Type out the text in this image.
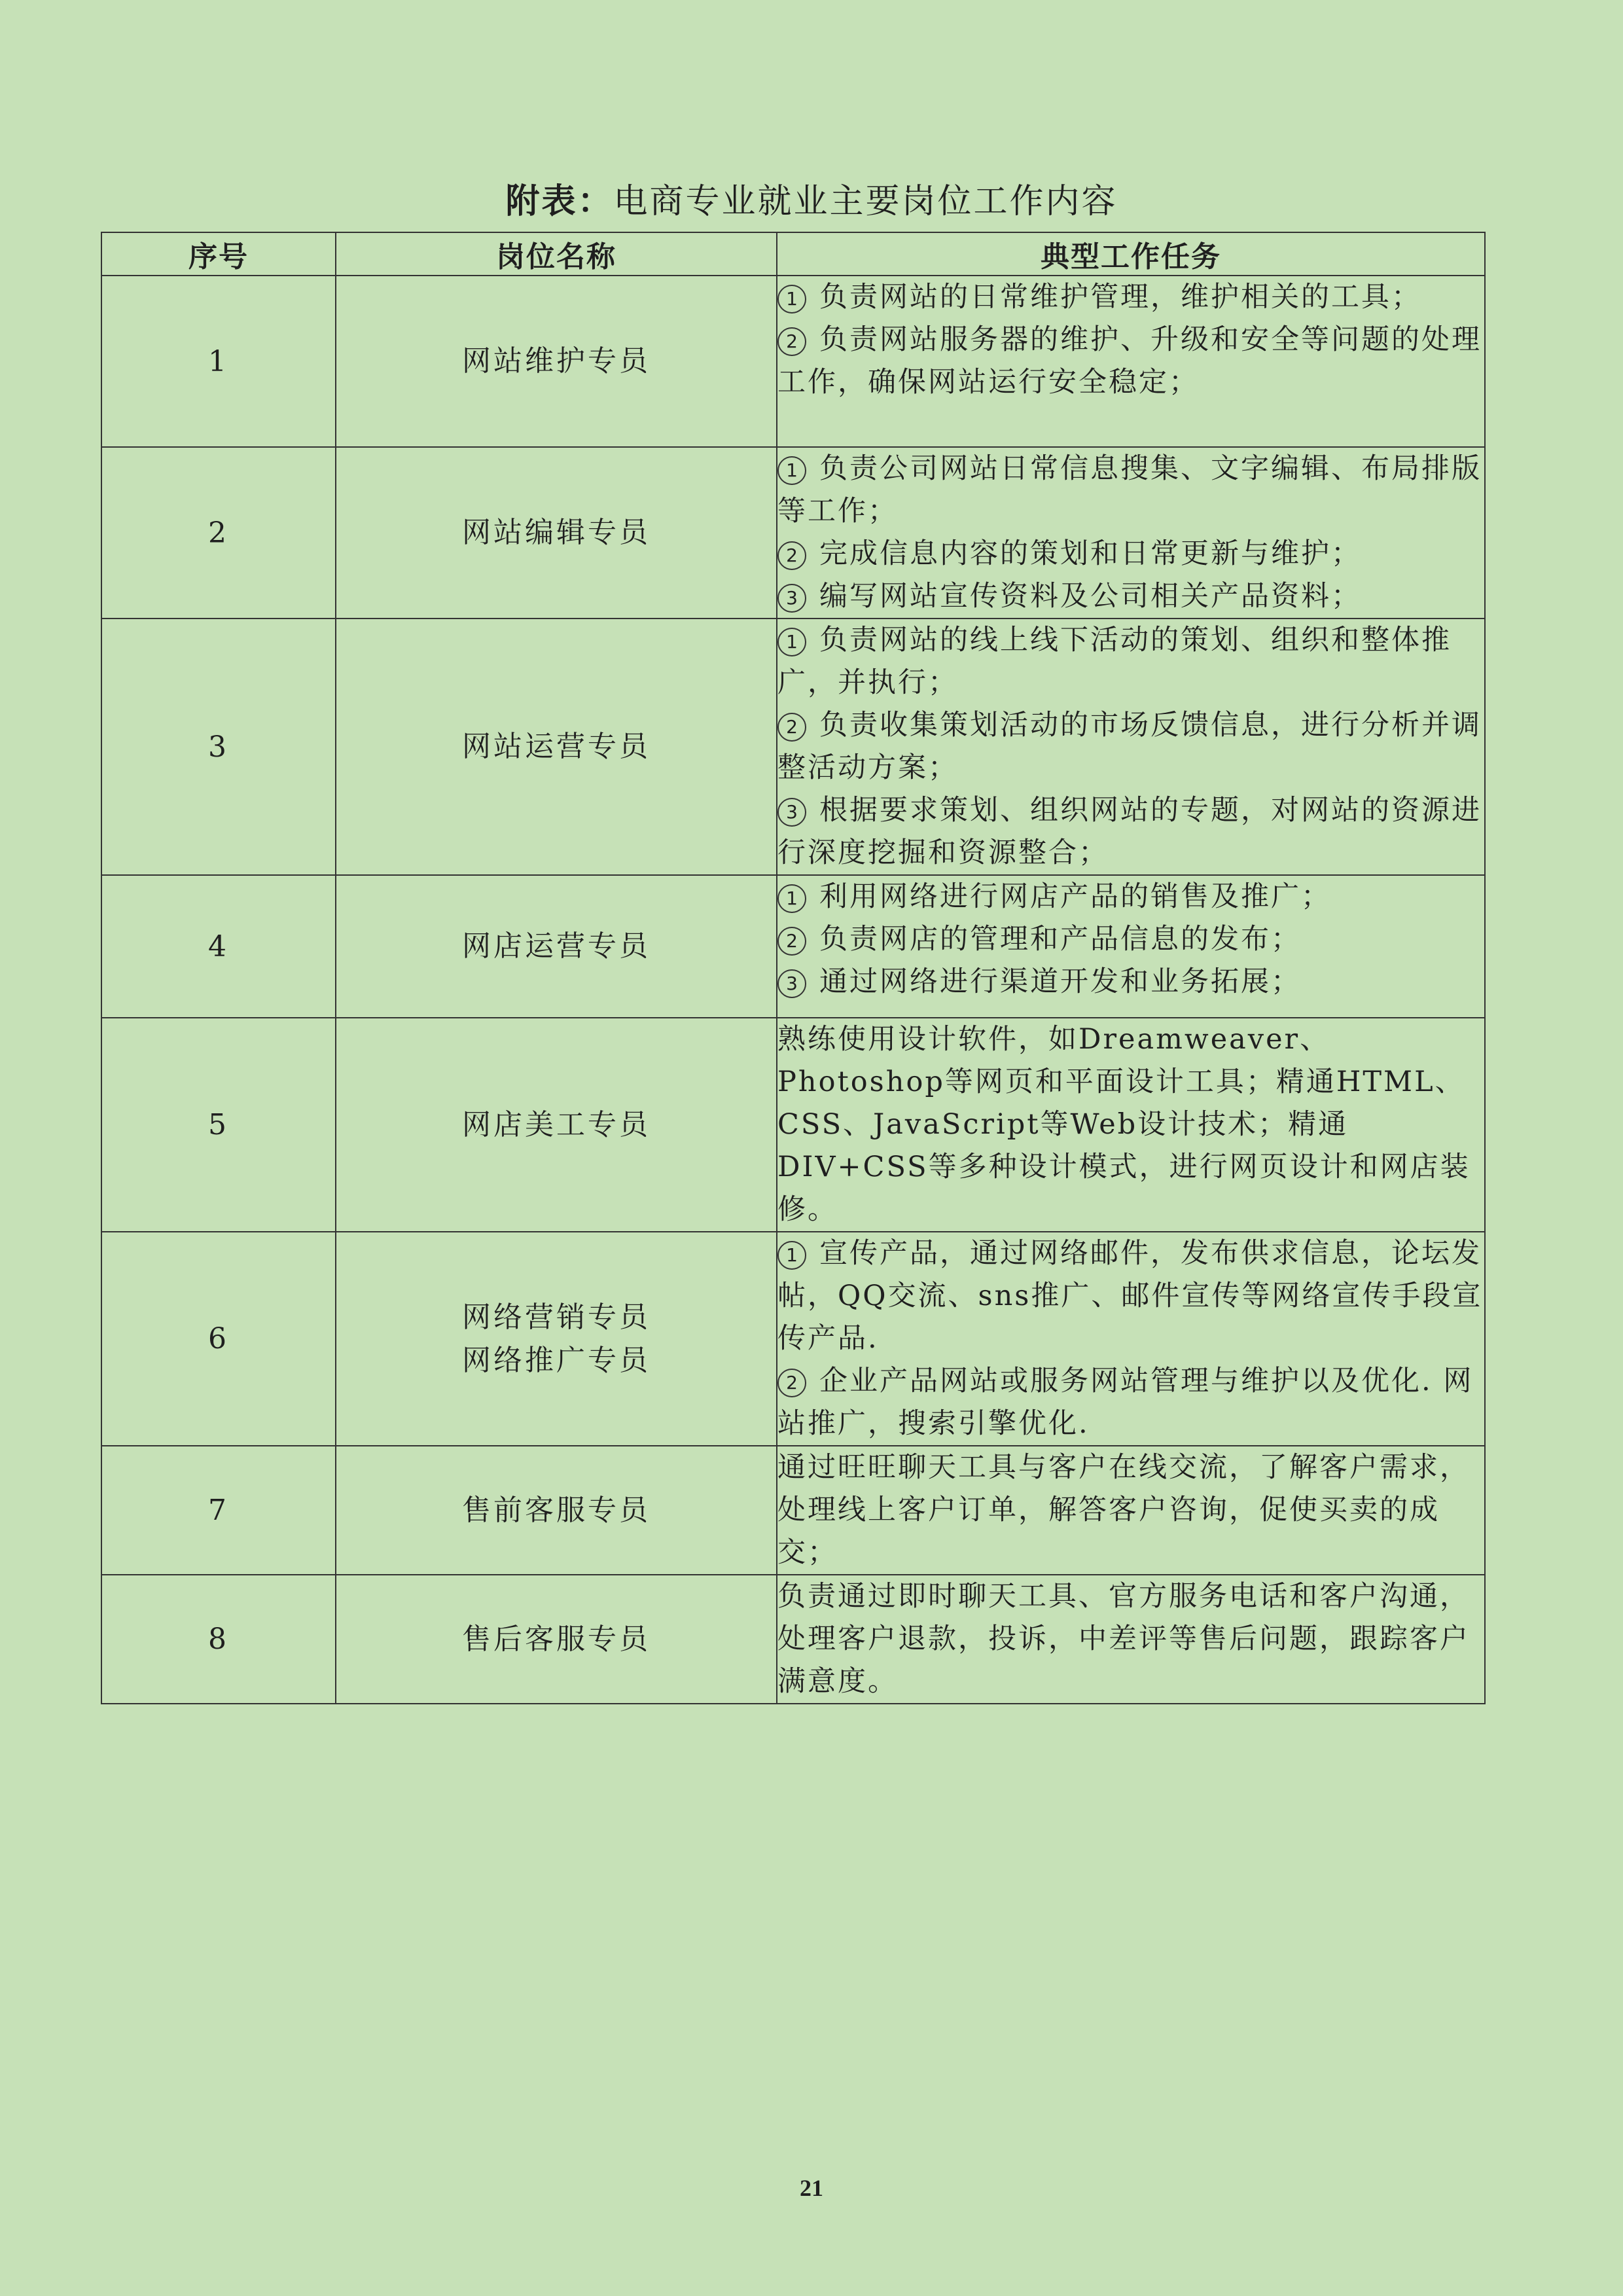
附表：电商专业就业主要岗位工作内容
序号	岗位名称	典型工作任务
1	网站维护专员	1 负责网站的日常维护管理，维护相关的工具；
2 负责网站服务器的维护、升级和安全等问题的处理工作，确保网站运行安全稳定；

2	网站编辑专员	1 负责公司网站日常信息搜集、文字编辑、布局排版等工作；
2 完成信息内容的策划和日常更新与维护；
3 编写网站宣传资料及公司相关产品资料；

3	网站运营专员	1 负责网站的线上线下活动的策划、组织和整体推广，并执行；
2 负责收集策划活动的市场反馈信息，进行分析并调整活动方案；
3 根据要求策划、组织网站的专题，对网站的资源进行深度挖掘和资源整合；

4	网店运营专员	1 利用网络进行网店产品的销售及推广；
2 负责网店的管理和产品信息的发布；
3 通过网络进行渠道开发和业务拓展；

5	网店美工专员	熟练使用设计软件，如Dreamweaver、Photoshop等网页和平面设计工具；精通HTML、CSS、JavaScript等Web设计技术；精通DIV+CSS等多种设计模式，进行网页设计和网店装修。

6	网络营销专员
网络推广专员	1 宣传产品，通过网络邮件，发布供求信息，论坛发帖，QQ交流、sns推广、邮件宣传等网络宣传手段宣传产品.
2 企业产品网站或服务网站管理与维护以及优化. 网站推广，搜索引擎优化.

7	售前客服专员	通过旺旺聊天工具与客户在线交流，了解客户需求，处理线上客户订单，解答客户咨询，促使买卖的成交；

8	售后客服专员	负责通过即时聊天工具、官方服务电话和客户沟通，处理客户退款，投诉，中差评等售后问题，跟踪客户满意度。
21
